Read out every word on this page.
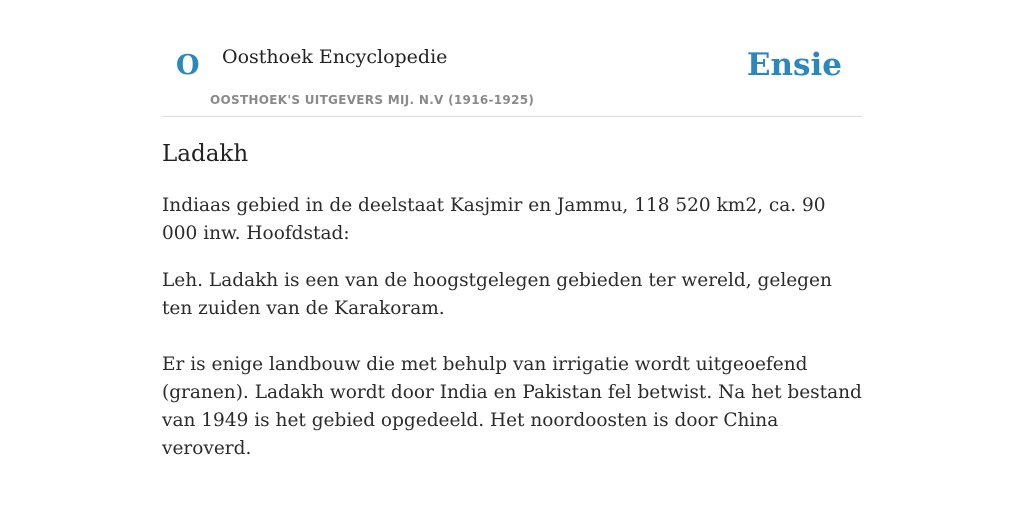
O Oosthoek Encyclopedie
OOSTHOEK'S UITGEVERS MIJ. N.V (1916-1925)
Ensie
Ladakh

Indiaas gebied in de deelstaat Kasjmir en Jammu, 118 520 km2, ca. 90 000 inw. Hoofdstad:

Leh. Ladakh is een van de hoogstgelegen gebieden ter wereld, gelegen ten zuiden van de Karakoram.

Er is enige landbouw die met behulp van irrigatie wordt uitgeoefend (granen). Ladakh wordt door India en Pakistan fel betwist. Na het bestand van 1949 is het gebied opgedeeld. Het noordoosten is door China veroverd.
